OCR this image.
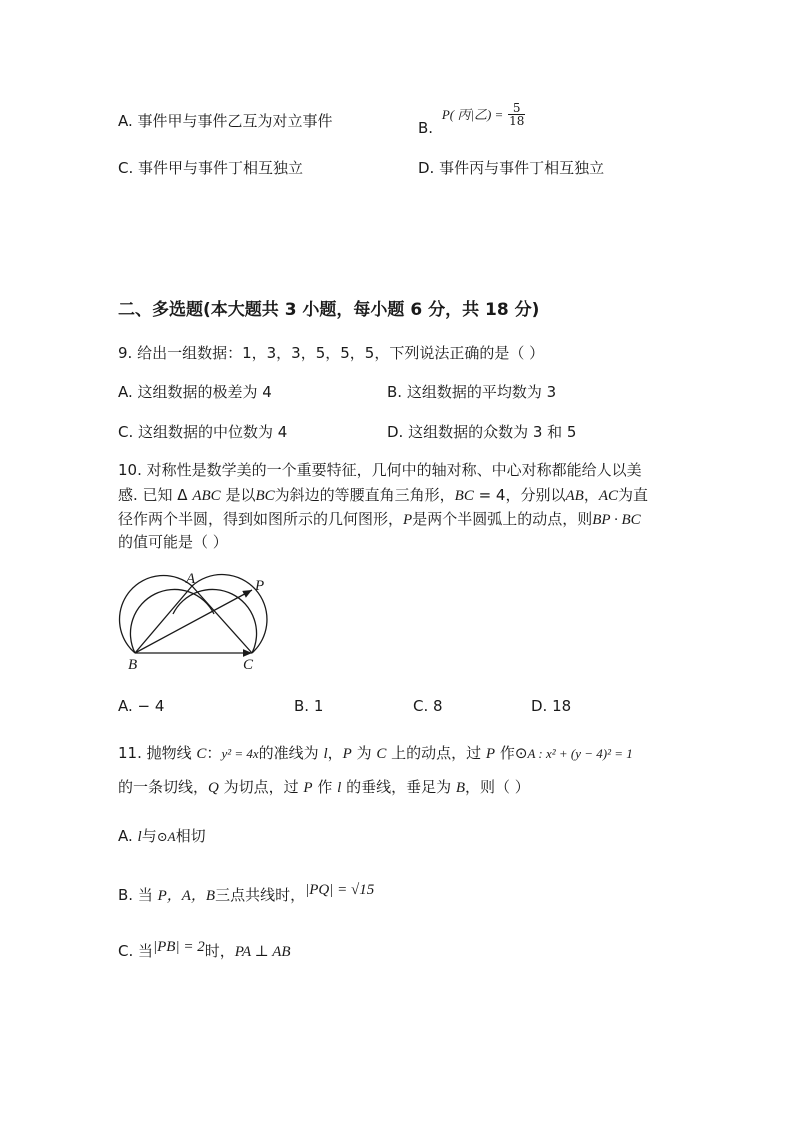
A. 事件甲与事件乙互为对立事件	B. P( 丙|乙) = $\frac{5}{18}$
C. 事件甲与事件丁相互独立	D. 事件丙与事件丁相互独立
二、多选题(本大题共 3 小题，每小题 6 分，共 18 分)
9. 给出一组数据：1，3，3，5，5，5，下列说法正确的是（ ）
A. 这组数据的极差为 4	B. 这组数据的平均数为 3
C. 这组数据的中位数为 4	D. 这组数据的众数为 3 和 5
10. 对称性是数学美的一个重要特征，几何中的轴对称、中心对称都能给人以美
感. 已知 Δ ABC 是以BC为斜边的等腰直角三角形，BC = 4，分别以AB，AC为直
径作两个半圆，得到如图所示的几何图形，P是两个半圆弧上的动点，则BP · BC
的值可能是（ ）
A	P
B	C
A. − 4	B. 1	C. 8	D. 18
11. 抛物线 C：y² = 4x的准线为 l，P 为 C 上的动点，过 P 作⊙A : x² + (y − 4)² = 1
的一条切线，Q 为切点，过 P 作 l 的垂线，垂足为 B，则（ ）
A. l与⊙A相切
B. 当 P，A，B三点共线时，|PQ| = √15
C. 当|PB| = 2时，PA ⊥ AB
